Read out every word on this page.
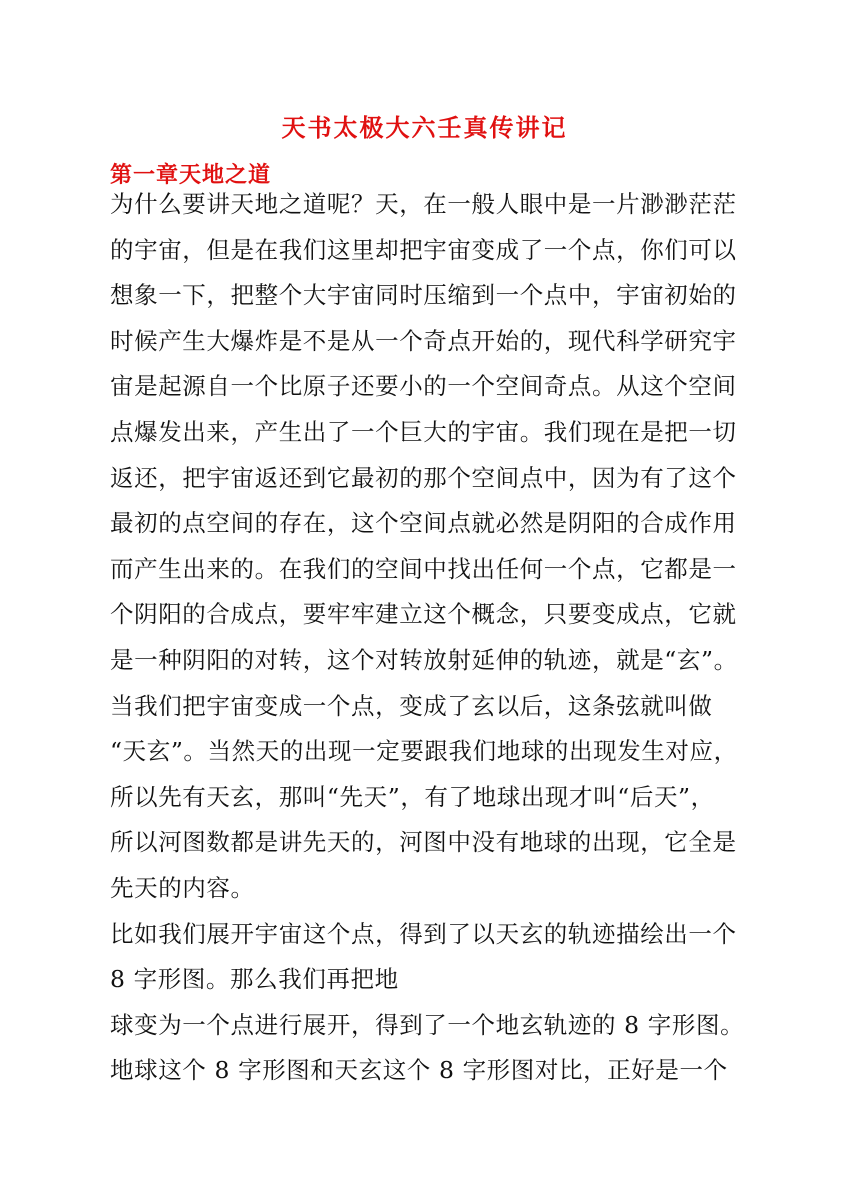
天书太极大六壬真传讲记
第一章天地之道

为什么要讲天地之道呢？天，在一般人眼中是一片渺渺茫茫

的宇宙，但是在我们这里却把宇宙变成了一个点，你们可以

想象一下，把整个大宇宙同时压缩到一个点中，宇宙初始的

时候产生大爆炸是不是从一个奇点开始的，现代科学研究宇

宙是起源自一个比原子还要小的一个空间奇点。从这个空间

点爆发出来，产生出了一个巨大的宇宙。我们现在是把一切

返还，把宇宙返还到它最初的那个空间点中，因为有了这个

最初的点空间的存在，这个空间点就必然是阴阳的合成作用

而产生出来的。在我们的空间中找出任何一个点，它都是一

个阴阳的合成点，要牢牢建立这个概念，只要变成点，它就

是一种阴阳的对转，这个对转放射延伸的轨迹，就是“玄”。

当我们把宇宙变成一个点，变成了玄以后，这条弦就叫做

“天玄”。当然天的出现一定要跟我们地球的出现发生对应，

所以先有天玄，那叫“先天”，有了地球出现才叫“后天”，

所以河图数都是讲先天的，河图中没有地球的出现，它全是

先天的内容。

比如我们展开宇宙这个点，得到了以天玄的轨迹描绘出一个

8 字形图。那么我们再把地

球变为一个点进行展开，得到了一个地玄轨迹的 8 字形图。

地球这个 8 字形图和天玄这个 8 字形图对比，正好是一个
